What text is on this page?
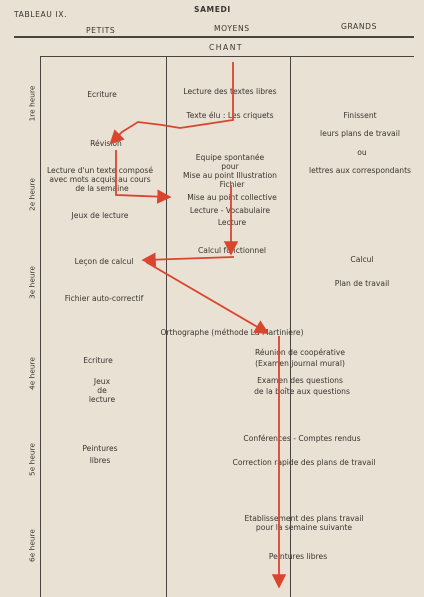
TABLEAU IX.
SAMEDI
PETITS	MOYENS	GRANDS
CHANT
1re heure
2e heure
3e heure
4e heure
5e heure
6e heure
Ecriture
Révision
Lecture d'un texte composé
avec mots acquis au cours
de la semaine
Jeux de lecture
Leçon de calcul
Fichier auto-correctif
Ecriture
Jeux
de
lecture
Peintures
libres
Lecture des textes libres
Texte élu : Les criquets
Equipe spontanée
pour
Mise au point Illustration
Fichier
Mise au point collective
Lecture - Vocabulaire
Lecture
Calcul fonctionnel
Orthographe (méthode La Martinière)
Réunion de coopérative
(Examen journal mural)
Examen des questions
de la boîte aux questions
Conférences - Comptes rendus
Correction rapide des plans de travail
Etablissement des plans travail
pour la semaine suivante
Peintures libres
Finissent
leurs plans de travail
ou
lettres aux correspondants
Calcul
Plan de travail
